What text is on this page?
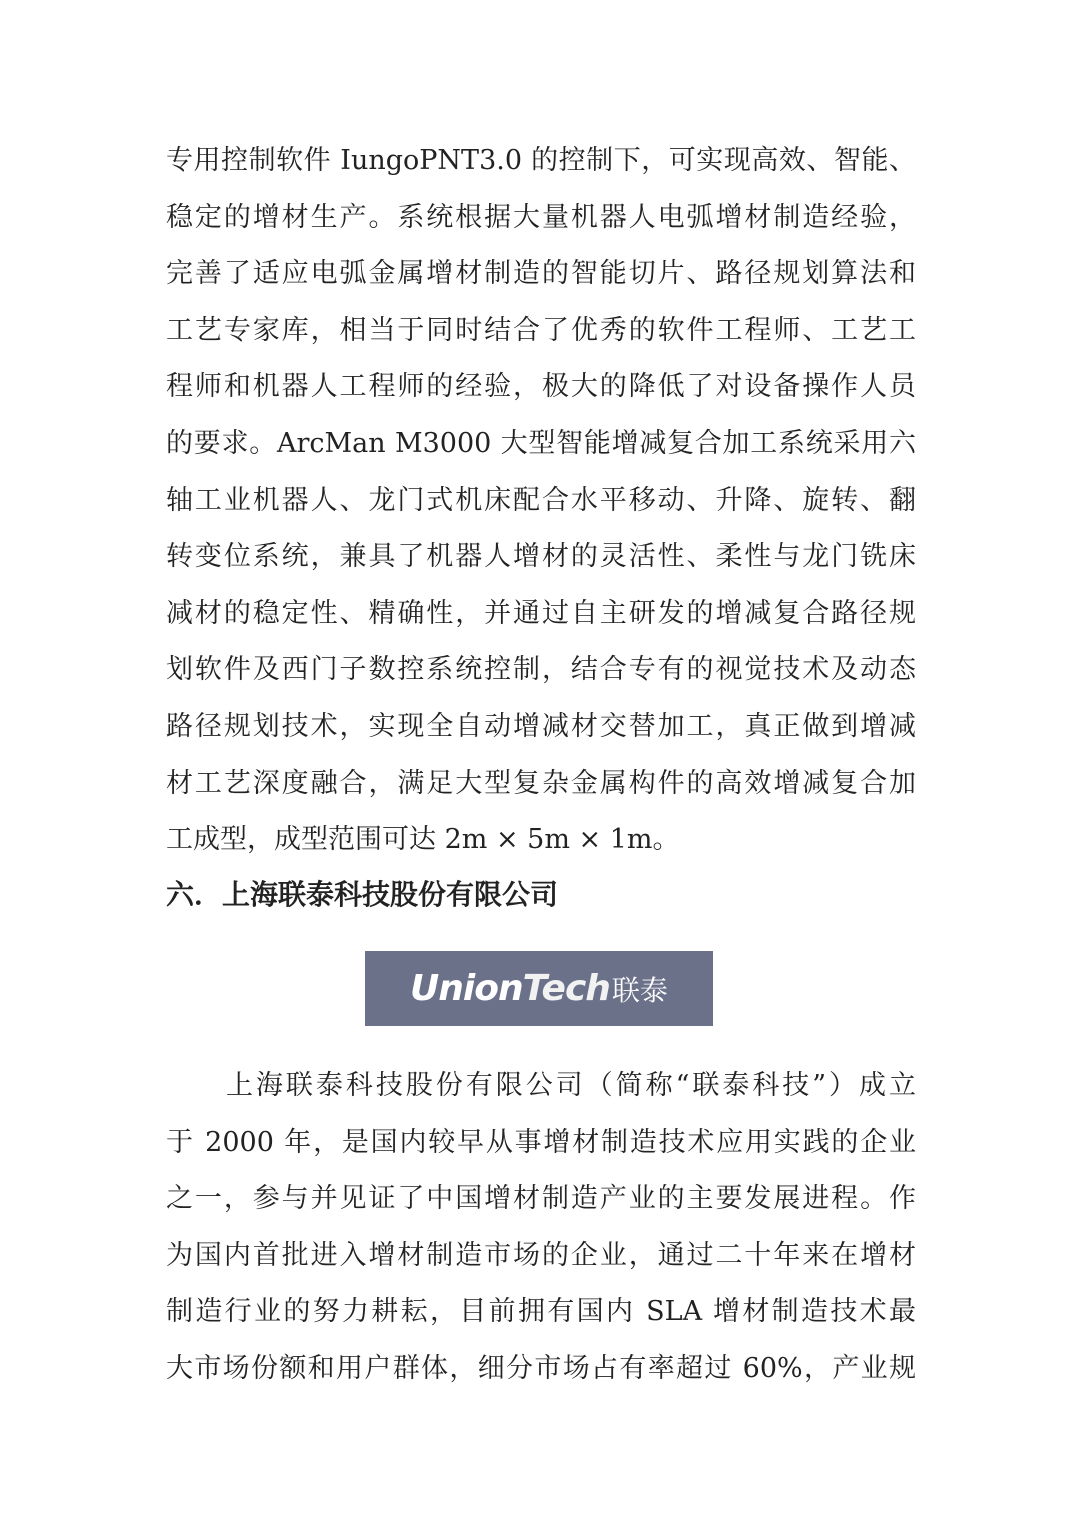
专用控制软件 IungoPNT3.0 的控制下，可实现高效、智能、
稳定的增材生产。系统根据大量机器人电弧增材制造经验，
完善了适应电弧金属增材制造的智能切片、路径规划算法和
工艺专家库，相当于同时结合了优秀的软件工程师、工艺工
程师和机器人工程师的经验，极大的降低了对设备操作人员
的要求。ArcMan M3000 大型智能增减复合加工系统采用六
轴工业机器人、龙门式机床配合水平移动、升降、旋转、翻
转变位系统，兼具了机器人增材的灵活性、柔性与龙门铣床
减材的稳定性、精确性，并通过自主研发的增减复合路径规
划软件及西门子数控系统控制，结合专有的视觉技术及动态
路径规划技术，实现全自动增减材交替加工，真正做到增减
材工艺深度融合，满足大型复杂金属构件的高效增减复合加
工成型，成型范围可达 2m × 5m × 1m。
六．上海联泰科技股份有限公司
UnionTech 联泰
　　上海联泰科技股份有限公司（简称“联泰科技”）成立
于 2000 年，是国内较早从事增材制造技术应用实践的企业
之一，参与并见证了中国增材制造产业的主要发展进程。作
为国内首批进入增材制造市场的企业，通过二十年来在增材
制造行业的努力耕耘，目前拥有国内 SLA 增材制造技术最
大市场份额和用户群体，细分市场占有率超过 60%，产业规
